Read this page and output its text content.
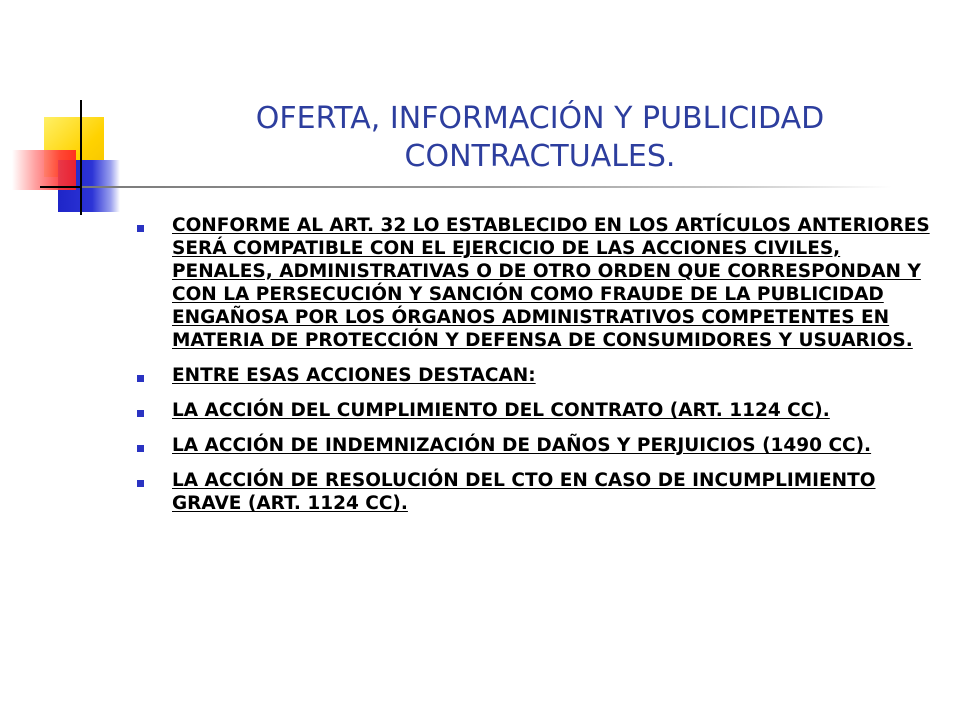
OFERTA, INFORMACIÓN Y PUBLICIDAD CONTRACTUALES.
CONFORME AL ART. 32 LO ESTABLECIDO EN LOS ARTÍCULOS ANTERIORES SERÁ COMPATIBLE CON EL EJERCICIO DE LAS ACCIONES CIVILES, PENALES, ADMINISTRATIVAS O DE OTRO ORDEN QUE CORRESPONDAN Y CON LA PERSECUCIÓN Y SANCIÓN COMO FRAUDE DE LA PUBLICIDAD ENGAÑOSA POR LOS ÓRGANOS ADMINISTRATIVOS COMPETENTES EN MATERIA DE PROTECCIÓN Y DEFENSA DE CONSUMIDORES Y USUARIOS.
ENTRE ESAS ACCIONES DESTACAN:
LA ACCIÓN DEL CUMPLIMIENTO DEL CONTRATO (ART. 1124 CC).
LA ACCIÓN DE INDEMNIZACIÓN DE DAÑOS Y PERJUICIOS (1490 CC).
LA ACCIÓN DE RESOLUCIÓN DEL CTO EN CASO DE INCUMPLIMIENTO GRAVE (ART. 1124 CC).
